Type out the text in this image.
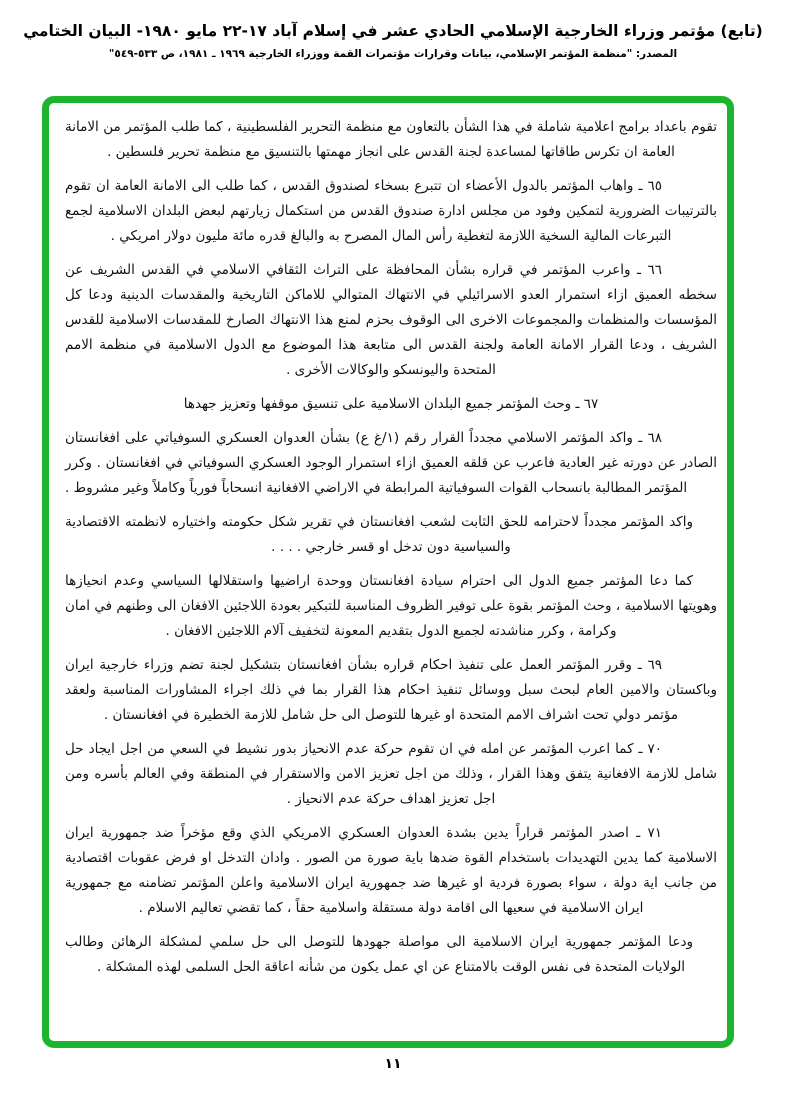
(تابع) مؤتمر وزراء الخارجية الإسلامي الحادي عشر في إسلام آباد ١٧-٢٢ مايو ١٩٨٠- البيان الختامي
المصدر: "منظمة المؤتمر الإسلامي، بيانات وقرارات مؤتمرات القمة ووزراء الخارجية ١٩٦٩ ـ ١٩٨١، ص ٥٣٣-٥٤٩"

تقوم باعداد برامج اعلامية شاملة في هذا الشأن بالتعاون مع منظمة التحرير الفلسطينية ، كما طلب المؤتمر من الامانة العامة ان تكرس طاقاتها لمساعدة لجنة القدس على انجاز مهمتها بالتنسيق مع منظمة تحرير فلسطين .

٦٥ ـ واهاب المؤتمر بالدول الأعضاء ان تتبرع بسخاء لصندوق القدس ، كما طلب الى الامانة العامة ان تقوم بالترتيبات الضرورية لتمكين وفود من مجلس ادارة صندوق القدس من استكمال زيارتهم لبعض البلدان الاسلامية لجمع التبرعات المالية السخية اللازمة لتغطية رأس المال المصرح به والبالغ قدره مائة مليون دولار امريكي .

٦٦ ـ واعرب المؤتمر في قراره بشأن المحافظة على التراث الثقافي الاسلامي في القدس الشريف عن سخطه العميق ازاء استمرار العدو الاسرائيلي في الانتهاك المتوالي للاماكن التاريخية والمقدسات الدينية ودعا كل المؤسسات والمنظمات والمجموعات الاخرى الى الوقوف بحزم لمنع هذا الانتهاك الصارخ للمقدسات الاسلامية للقدس الشريف ، ودعا القرار الامانة العامة ولجنة القدس الى متابعة هذا الموضوع مع الدول الاسلامية في منظمة الامم المتحدة واليونسكو والوكالات الأخرى .

٦٧ ـ وحث المؤتمر جميع البلدان الاسلامية على تنسيق موقفها وتعزيز جهدها

٦٨ ـ واكد المؤتمر الاسلامي مجدداً القرار رقم (١/غ ع) بشأن العدوان العسكري السوفياتي على افغانستان الصادر عن دورته غير العادية فاعرب عن قلقه العميق ازاء استمرار الوجود العسكري السوفياتي في افغانستان . وكرر المؤتمر المطالبة بانسحاب القوات السوفياتية المرابطة في الاراضي الافغانية انسحاباً فورياً وكاملاً وغير مشروط .

واكد المؤتمر مجدداً لاحترامه للحق الثابت لشعب افغانستان في تقرير شكل حكومته واختياره لانظمته الاقتصادية والسياسية دون تدخل او قسر خارجي . . . .

كما دعا المؤتمر جميع الدول الى احترام سيادة افغانستان ووحدة اراضيها واستقلالها السياسي وعدم انحيازها وهويتها الاسلامية ، وحث المؤتمر بقوة على توفير الظروف المناسبة للتبكير بعودة اللاجئين الافغان الى وطنهم في امان وكرامة ، وكرر مناشدته لجميع الدول بتقديم المعونة لتخفيف آلام اللاجئين الافغان .

٦٩ ـ وقرر المؤتمر العمل على تنفيذ احكام قراره بشأن افغانستان بتشكيل لجنة تضم وزراء خارجية ايران وباكستان والامين العام لبحث سبل ووسائل تنفيذ احكام هذا القرار بما في ذلك اجراء المشاورات المناسبة ولعقد مؤتمر دولي تحت اشراف الامم المتحدة او غيرها للتوصل الى حل شامل للازمة الخطيرة في افغانستان .

٧٠ ـ كما اعرب المؤتمر عن امله في ان تقوم حركة عدم الانحياز بدور نشيط في السعي من اجل ايجاد حل شامل للازمة الافغانية يتفق وهذا القرار ، وذلك من اجل تعزيز الامن والاستقرار في المنطقة وفي العالم بأسره ومن اجل تعزيز اهداف حركة عدم الانحياز .

٧١ ـ اصدر المؤتمر قراراً يدين بشدة العدوان العسكري الامريكي الذي وقع مؤخراً ضد جمهورية ايران الاسلامية كما يدين التهديدات باستخدام القوة ضدها باية صورة من الصور . وادان التدخل او فرض عقوبات اقتصادية من جانب اية دولة ، سواء بصورة فردية او غيرها ضد جمهورية ايران الاسلامية واعلن المؤتمر تضامنه مع جمهورية ايران الاسلامية في سعيها الى اقامة دولة مستقلة واسلامية حقاً ، كما تقضي تعاليم الاسلام .

ودعا المؤتمر جمهورية ايران الاسلامية الى مواصلة جهودها للتوصل الى حل سلمي لمشكلة الرهائن وطالب الولايات المتحدة فى نفس الوقت بالامتناع عن اي عمل يكون من شأنه اعاقة الحل السلمى لهذه المشكلة .

١١
